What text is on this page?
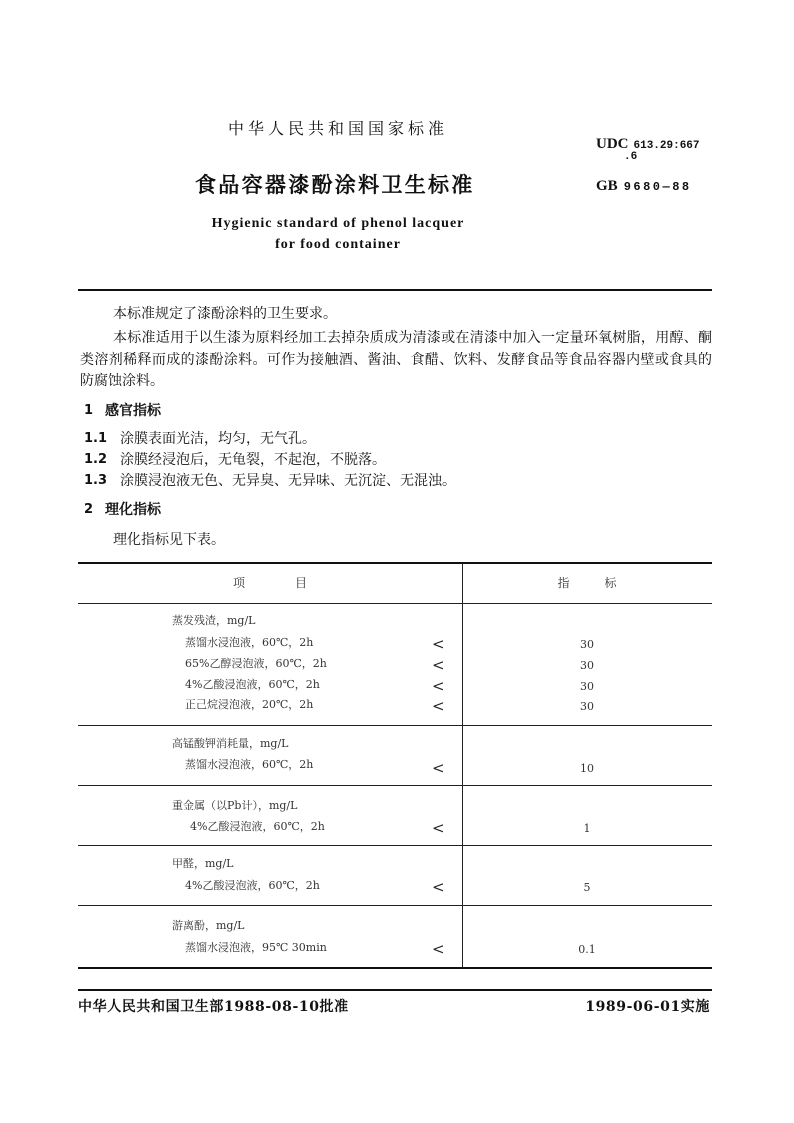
中华人民共和国国家标准
UDC 613.29:667
.6
食品容器漆酚涂料卫生标准	GB 9680—88
Hygienic standard of phenol lacquer
for food container
本标准规定了漆酚涂料的卫生要求。
本标准适用于以生漆为原料经加工去掉杂质成为清漆或在清漆中加入一定量环氧树脂，用醇、酮
类溶剂稀释而成的漆酚涂料。可作为接触酒、酱油、食醋、饮料、发酵食品等食品容器内壁或食具的
防腐蚀涂料。
1 感官指标
1.1 涂膜表面光洁，均匀，无气孔。
1.2 涂膜经浸泡后，无龟裂，不起泡，不脱落。
1.3 涂膜浸泡液无色、无异臭、无异味、无沉淀、无混浊。
2 理化指标
理化指标见下表。
项目	指标
蒸发残渣，mg/L
蒸馏水浸泡液，60℃，2h	<	30
65%乙醇浸泡液，60℃，2h	<	30
4%乙酸浸泡液，60℃，2h	<	30
正己烷浸泡液，20℃，2h	<	30
高锰酸钾消耗量，mg/L
蒸馏水浸泡液，60℃，2h	<	10
重金属（以Pb计），mg/L
4%乙酸浸泡液，60℃，2h	<	1
甲醛，mg/L
4%乙酸浸泡液，60℃，2h	<	5
游离酚，mg/L
蒸馏水浸泡液，95℃ 30min	<	0.1
中华人民共和国卫生部1988-08-10批准	1989-06-01实施
